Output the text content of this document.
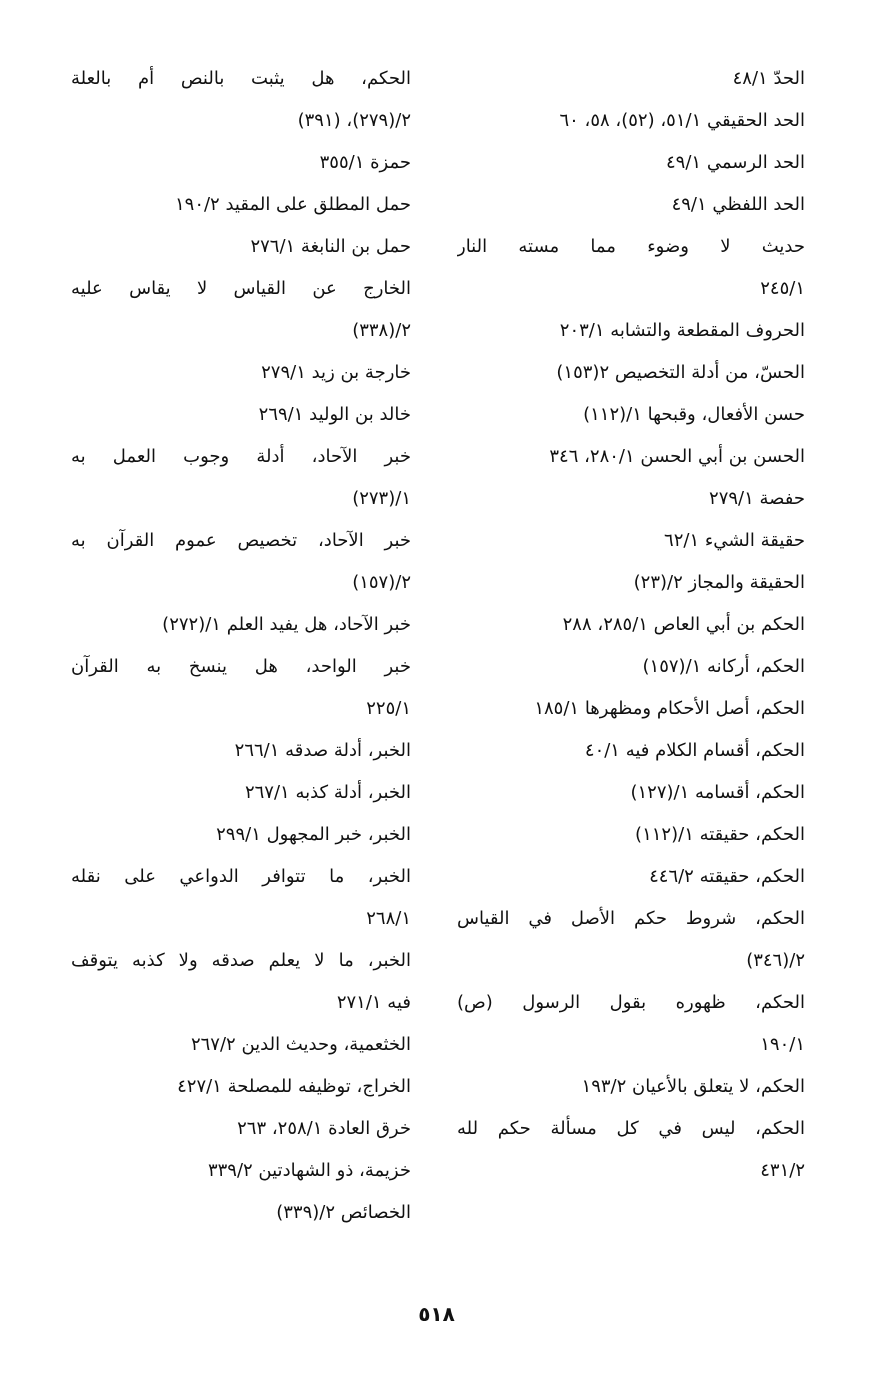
الحدّ ٤٨/١
الحد الحقيقي ٥١/١، (٥٢)، ٥٨، ٦٠
الحد الرسمي ٤٩/١
الحد اللفظي ٤٩/١
حديث لا وضوء مما مسته النار
٢٤٥/١
الحروف المقطعة والتشابه ٢٠٣/١
الحسّ، من أدلة التخصيص ٢(١٥٣)
حسن الأفعال، وقبحها ١/(١١٢)
الحسن بن أبي الحسن ٢٨٠/١، ٣٤٦
حفصة ٢٧٩/١
حقيقة الشيء ٦٢/١
الحقيقة والمجاز ٢/(٢٣)
الحكم بن أبي العاص ٢٨٥/١، ٢٨٨
الحكم، أركانه ١/(١٥٧)
الحكم، أصل الأحكام ومظهرها ١٨٥/١
الحكم، أقسام الكلام فيه ٤٠/١
الحكم، أقسامه ١/(١٢٧)
الحكم، حقيقته ١/(١١٢)
الحكم، حقيقته ٤٤٦/٢
الحكم، شروط حكم الأصل في القياس
٢/(٣٤٦)
الحكم، ظهوره بقول الرسول (ص)
١٩٠/١
الحكم، لا يتعلق بالأعيان ١٩٣/٢
الحكم، ليس في كل مسألة حكم لله
٤٣١/٢
الحكم، هل يثبت بالنص أم بالعلة
٢/(٢٧٩)، (٣٩١)
حمزة ٣٥٥/١
حمل المطلق على المقيد ١٩٠/٢
حمل بن النابغة ٢٧٦/١
الخارج عن القياس لا يقاس عليه
٢/(٣٣٨)
خارجة بن زيد ٢٧٩/١
خالد بن الوليد ٢٦٩/١
خبر الآحاد، أدلة وجوب العمل به
١/(٢٧٣)
خبر الآحاد، تخصيص عموم القرآن به
٢/(١٥٧)
خبر الآحاد، هل يفيد العلم ١/(٢٧٢)
خبر الواحد، هل ينسخ به القرآن
٢٢٥/١
الخبر، أدلة صدقه ٢٦٦/١
الخبر، أدلة كذبه ٢٦٧/١
الخبر، خبر المجهول ٢٩٩/١
الخبر، ما تتوافر الدواعي على نقله
٢٦٨/١
الخبر، ما لا يعلم صدقه ولا كذبه يتوقف
فيه ٢٧١/١
الخثعمية، وحديث الدين ٢٦٧/٢
الخراج، توظيفه للمصلحة ٤٢٧/١
خرق العادة ٢٥٨/١، ٢٦٣
خزيمة، ذو الشهادتين ٣٣٩/٢
الخصائص ٢/(٣٣٩)
٥١٨
